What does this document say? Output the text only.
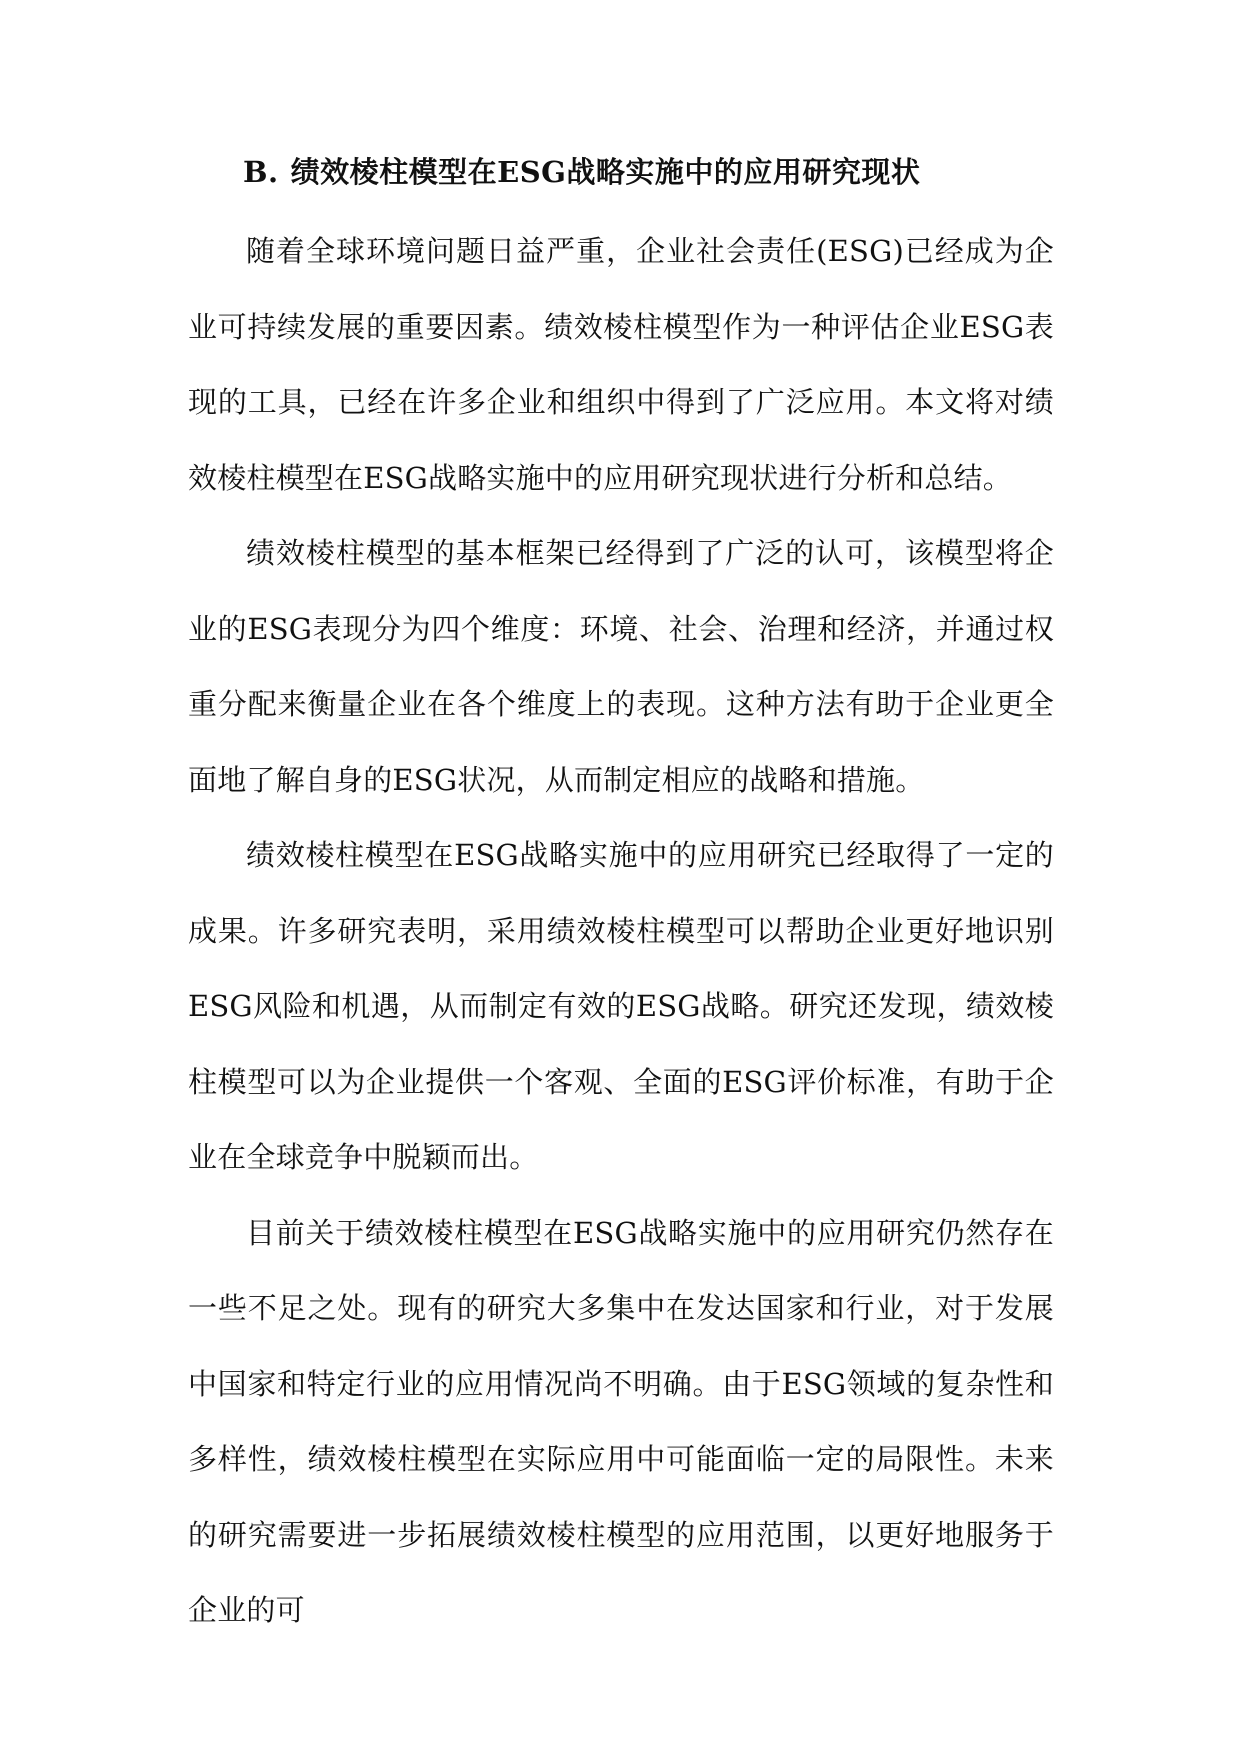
B. 绩效棱柱模型在ESG战略实施中的应用研究现状

随着全球环境问题日益严重，企业社会责任(ESG)已经成为企业可持续发展的重要因素。绩效棱柱模型作为一种评估企业ESG表现的工具，已经在许多企业和组织中得到了广泛应用。本文将对绩效棱柱模型在ESG战略实施中的应用研究现状进行分析和总结。

绩效棱柱模型的基本框架已经得到了广泛的认可，该模型将企业的ESG表现分为四个维度：环境、社会、治理和经济，并通过权重分配来衡量企业在各个维度上的表现。这种方法有助于企业更全面地了解自身的ESG状况，从而制定相应的战略和措施。

绩效棱柱模型在ESG战略实施中的应用研究已经取得了一定的成果。许多研究表明，采用绩效棱柱模型可以帮助企业更好地识别ESG风险和机遇，从而制定有效的ESG战略。研究还发现，绩效棱柱模型可以为企业提供一个客观、全面的ESG评价标准，有助于企业在全球竞争中脱颖而出。

目前关于绩效棱柱模型在ESG战略实施中的应用研究仍然存在一些不足之处。现有的研究大多集中在发达国家和行业，对于发展中国家和特定行业的应用情况尚不明确。由于ESG领域的复杂性和多样性，绩效棱柱模型在实际应用中可能面临一定的局限性。未来的研究需要进一步拓展绩效棱柱模型的应用范围，以更好地服务于企业的可
